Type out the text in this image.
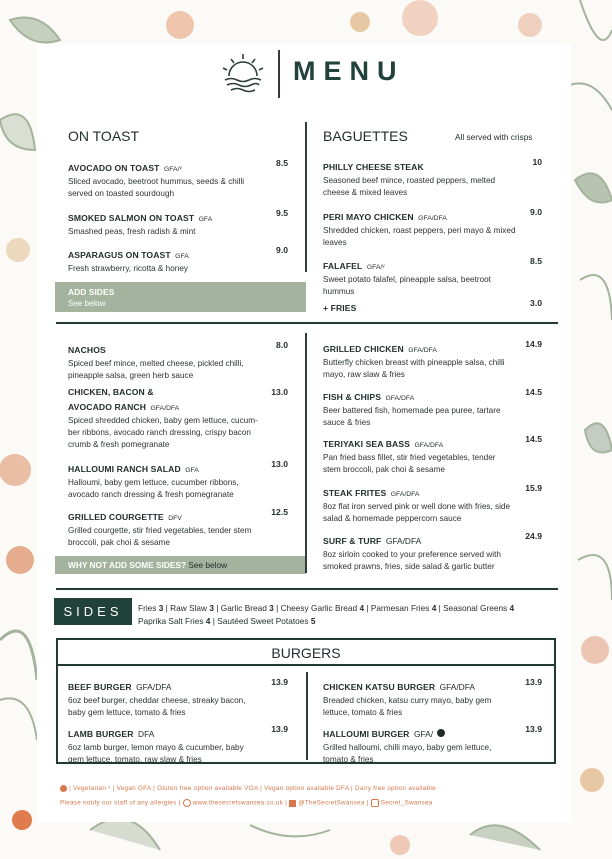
MENU
ON TOAST
AVOCADO ON TOAST GFA/ᵛ
8.5
Sliced avocado, beetroot hummus, seeds & chilli
served on toasted sourdough
SMOKED SALMON ON TOAST GFA
9.5
Smashed peas, fresh radish & mint
ASPARAGUS ON TOAST GFA
9.0
Fresh strawberry, ricotta & honey
ADD SIDES
See below
BAGUETTES	All served with crisps
PHILLY CHEESE STEAK	10
Seasoned beef mince, roasted peppers, melted
cheese & mixed leaves
PERI MAYO CHICKEN GFA/DFA
9.0
Shredded chicken, roast peppers, peri mayo & mixed
leaves
FALAFEL GFA/ᵛ
8.5
Sweet potato falafel, pineapple salsa, beetroot
hummus
+ FRIES	3.0
NACHOS	8.0
Spiced beef mince, melted cheese, pickled chilli,
pineapple salsa, green herb sauce
CHICKEN, BACON &
AVOCADO RANCH GFA/DFA
13.0
Spiced shredded chicken, baby gem lettuce, cucum-
ber ribbons, avocado ranch dressing, crispy bacon
crumb & fresh pomegranate
HALLOUMI RANCH SALAD GFA
13.0
Halloumi, baby gem lettuce, cucumber ribbons,
avocado ranch dressing & fresh pomegranate
GRILLED COURGETTE DFV
12.5
Grilled courgette, stir fried vegetables, tender stem
broccoli, pak choi & sesame
WHY NOT ADD SOME SIDES? See below
GRILLED CHICKEN GFA/DFA
14.9
Butterfly chicken breast with pineapple salsa, chilli
mayo, raw slaw & fries
FISH & CHIPS GFA/DFA
14.5
Beer battered fish, homemade pea puree, tartare
sauce & fries
TERIYAKI SEA BASS GFA/DFA
14.5
Pan fried bass fillet, stir fried vegetables, tender
stem broccoli, pak choi & sesame
STEAK FRITES GFA/DFA
15.9
8oz flat iron served pink or well done with fries, side
salad & homemade peppercorn sauce
SURF & TURF GFA/DFA	24.9
8oz sirloin cooked to your preference served with
smoked prawns, fries, side salad & garlic butter
SIDES	Fries 3 | Raw Slaw 3 | Garlic Bread 3 | Cheesy Garlic Bread 4 | Parmesan Fries 4 | Seasonal Greens 4
Paprika Salt Fries 4 | Sautéed Sweet Potatoes 5
BURGERS
BEEF BURGER GFA/DFA	13.9
6oz beef burger, cheddar cheese, streaky bacon,
baby gem lettuce, tomato & fries
LAMB BURGER DFA	13.9
6oz lamb burger, lemon mayo & cucumber, baby
gem lettuce, tomato, raw slaw & fries
CHICKEN KATSU BURGER GFA/DFA	13.9
Breaded chicken, katsu curry mayo, baby gem
lettuce, tomato & fries
HALLOUMI BURGER GFA/	13.9
Grilled halloumi, chilli mayo, baby gem lettuce,
tomato & fries
| Vegetarian ᵛ | Vegan GFA | Gluten free option available VOA | Vegan option available DFA | Dairy free option available
Please notify our staff of any allergies |  www.thesecretswansea.co.uk |  @TheSecretSwansea |  Secret_Swansea
